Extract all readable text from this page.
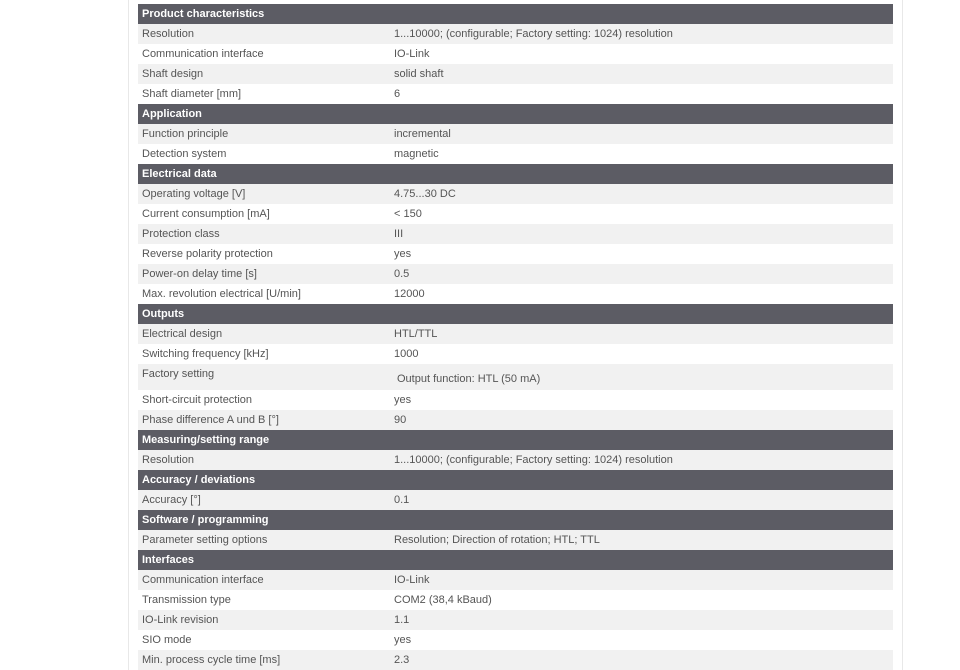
Product characteristics
Resolution	1...10000; (configurable; Factory setting: 1024) resolution
Communication interface	IO-Link
Shaft design	solid shaft
Shaft diameter [mm]	6
Application
Function principle	incremental
Detection system	magnetic
Electrical data
Operating voltage [V]	4.75...30 DC
Current consumption [mA]	< 150
Protection class	III
Reverse polarity protection	yes
Power-on delay time [s]	0.5
Max. revolution electrical [U/min]	12000
Outputs
Electrical design	HTL/TTL
Switching frequency [kHz]	1000
Factory setting	Output function: HTL (50 mA)
Short-circuit protection	yes
Phase difference A und B [°]	90
Measuring/setting range
Resolution	1...10000; (configurable; Factory setting: 1024) resolution
Accuracy / deviations
Accuracy [°]	0.1
Software / programming
Parameter setting options	Resolution; Direction of rotation; HTL; TTL
Interfaces
Communication interface	IO-Link
Transmission type	COM2 (38,4 kBaud)
IO-Link revision	1.1
SIO mode	yes
Min. process cycle time [ms]	2.3
